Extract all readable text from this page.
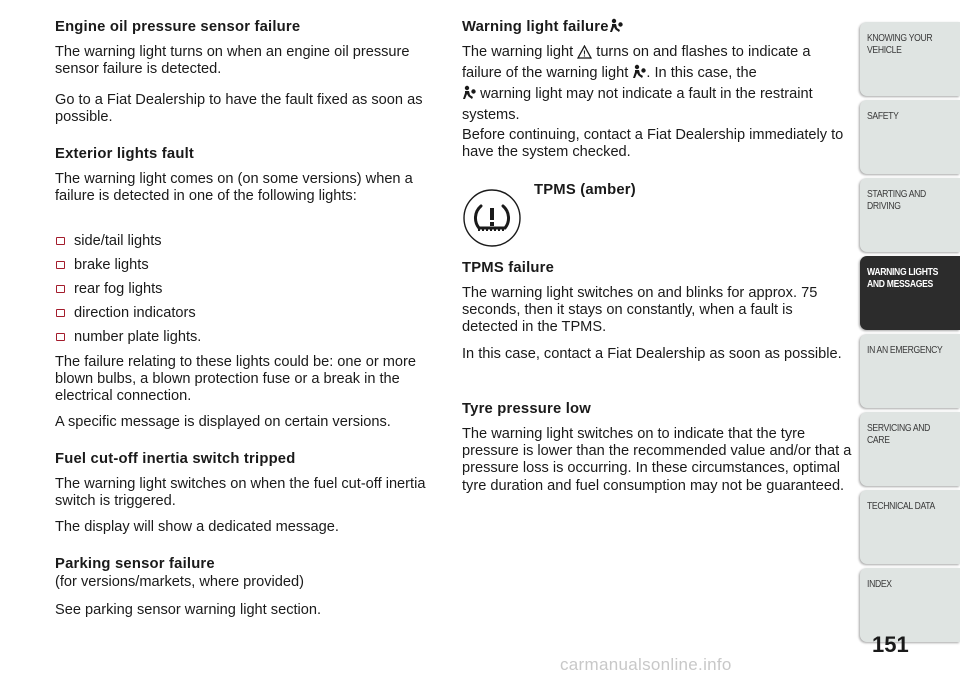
Engine oil pressure sensor failure

The warning light turns on when an engine oil pressure sensor failure is detected.

Go to a Fiat Dealership to have the fault fixed as soon as possible.

Exterior lights fault

The warning light comes on (on some versions) when a failure is detected in one of the following lights:

side/tail lights
brake lights
rear fog lights
direction indicators
number plate lights.

The failure relating to these lights could be: one or more blown bulbs, a blown protection fuse or a break in the electrical connection.

A specific message is displayed on certain versions.

Fuel cut-off inertia switch tripped

The warning light switches on when the fuel cut-off inertia switch is triggered.

The display will show a dedicated message.

Parking sensor failure

(for versions/markets, where provided)

See parking sensor warning light section.

Warning light failure

The warning light ! turns on and flashes to indicate a failure of the warning light . In this case, the
warning light may not indicate a fault in the restraint systems.

Before continuing, contact a Fiat Dealership immediately to have the system checked.

TPMS (amber)
TPMS failure

The warning light switches on and blinks for approx. 75 seconds, then it stays on constantly, when a fault is detected in the TPMS.

In this case, contact a Fiat Dealership as soon as possible.

Tyre pressure low

The warning light switches on to indicate that the tyre pressure is lower than the recommended value and/or that a pressure loss is occurring. In these circumstances, optimal tyre duration and fuel consumption may not be guaranteed.

KNOWING YOUR
VEHICLE
SAFETY
STARTING AND
DRIVING
WARNING LIGHTS
AND MESSAGES
IN AN EMERGENCY
SERVICING AND
CARE
TECHNICAL DATA
INDEX
151
carmanualsonline.info
